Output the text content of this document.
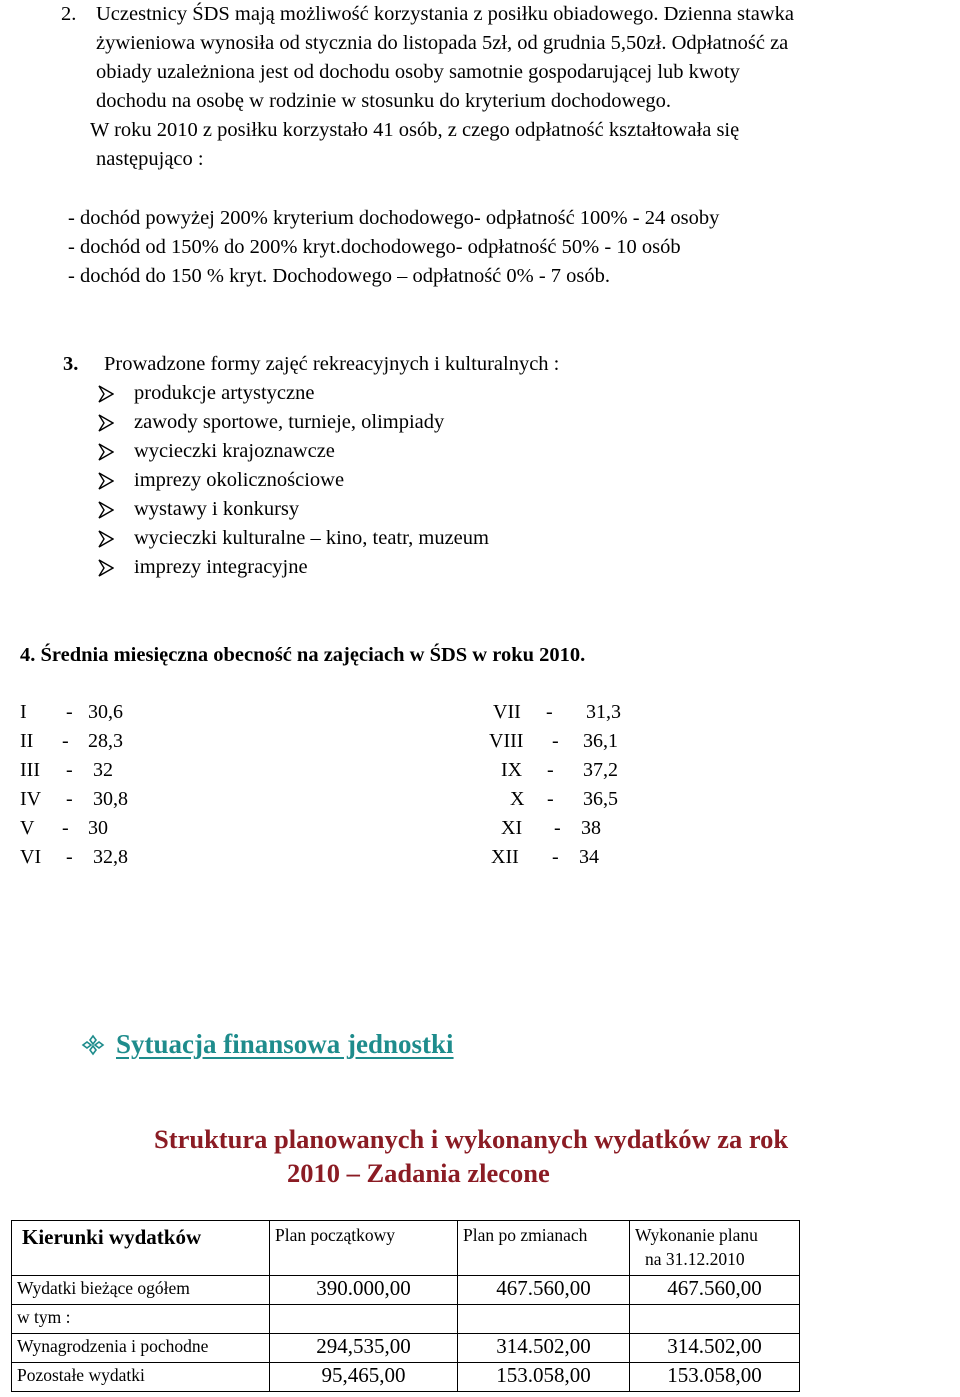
2. Uczestnicy ŚDS mają możliwość korzystania z posiłku obiadowego. Dzienna stawka
żywieniowa wynosiła od stycznia do listopada 5zł, od grudnia 5,50zł. Odpłatność za
obiady uzależniona jest od dochodu osoby samotnie gospodarującej lub kwoty
dochodu na osobę w rodzinie w stosunku do kryterium dochodowego.
W roku 2010 z posiłku korzystało 41 osób, z czego odpłatność kształtowała się
następująco :
- dochód powyżej 200% kryterium dochodowego- odpłatność 100% - 24 osoby
- dochód od 150% do 200% kryt.dochodowego- odpłatność 50% - 10 osób
- dochód do 150 % kryt. Dochodowego – odpłatność 0% - 7 osób.
3. Prowadzone formy zajęć rekreacyjnych i kulturalnych :
produkcje artystyczne
zawody sportowe, turnieje, olimpiady
wycieczki krajoznawcze
imprezy okolicznościowe
wystawy i konkursy
wycieczki kulturalne – kino, teatr, muzeum
imprezy integracyjne
4. Średnia miesięczna obecność na zajęciach w ŚDS w roku 2010.
I - 30,6
II - 28,3
III - 32
IV - 30,8
V - 30
VI - 32,8
VII - 31,3
VIII - 36,1
IX - 37,2
X - 36,5
XI - 38
XII - 34
Sytuacja finansowa jednostki
Struktura planowanych i wykonanych wydatków za rok
2010 – Zadania zlecone
Kierunki wydatków	Plan początkowy	Plan po zmianach	Wykonanie planu
na 31.12.2010

Wydatki bieżące ogółem	390.000,00	467.560,00	467.560,00
w tym :			
Wynagrodzenia i pochodne	294,535,00	314.502,00	314.502,00
Pozostałe wydatki	95,465,00	153.058,00	153.058,00
